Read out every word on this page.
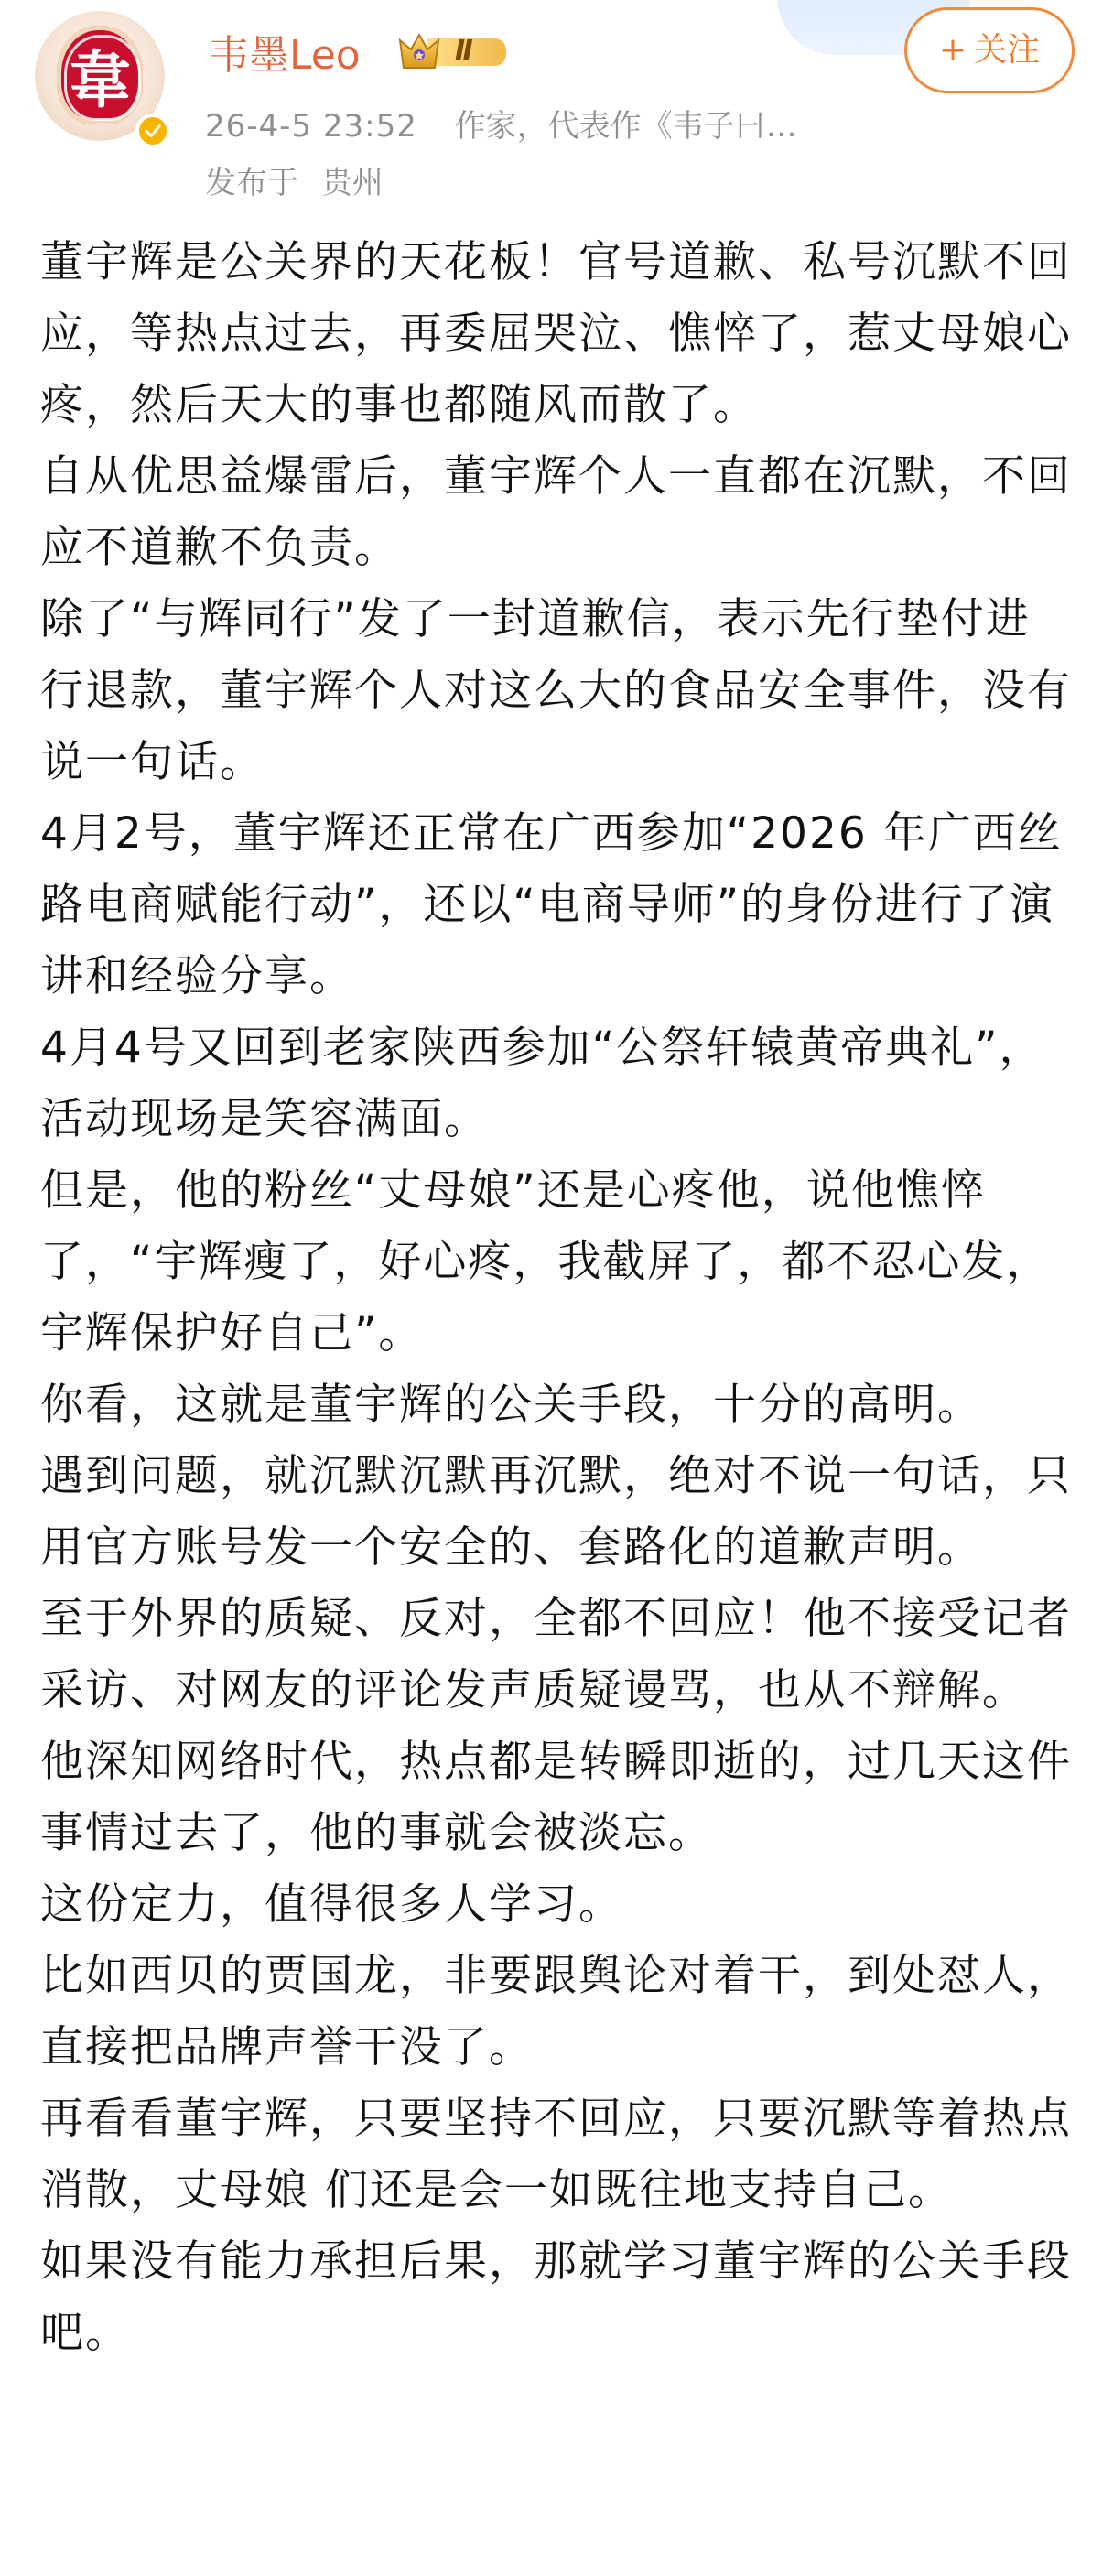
韋 韦墨Leo	Ⅱ	+ 关注
26-4-5 23:52 作家，代表作《韦子曰…
发布于 贵州

董宇辉是公关界的天花板！官号道歉、私号沉默不回应，等热点过去，再委屈哭泣、憔悴了，惹丈母娘心疼，然后天大的事也都随风而散了。

自从优思益爆雷后，董宇辉个人一直都在沉默，不回应不道歉不负责。

除了“与辉同行”发了一封道歉信，表示先行垫付进行退款，董宇辉个人对这么大的食品安全事件，没有说一句话。

4月2号，董宇辉还正常在广西参加“2026 年广西丝路电商赋能行动”，还以“电商导师”的身份进行了演讲和经验分享。

4月4号又回到老家陕西参加“公祭轩辕黄帝典礼”，活动现场是笑容满面。

但是，他的粉丝“丈母娘”还是心疼他，说他憔悴了，“宇辉瘦了，好心疼，我截屏了，都不忍心发，宇辉保护好自己”。

你看，这就是董宇辉的公关手段，十分的高明。

遇到问题，就沉默沉默再沉默，绝对不说一句话，只用官方账号发一个安全的、套路化的道歉声明。

至于外界的质疑、反对，全都不回应！他不接受记者采访、对网友的评论发声质疑谩骂，也从不辩解。

他深知网络时代，热点都是转瞬即逝的，过几天这件事情过去了，他的事就会被淡忘。

这份定力，值得很多人学习。

比如西贝的贾国龙，非要跟舆论对着干，到处怼人，直接把品牌声誉干没了。

再看看董宇辉，只要坚持不回应，只要沉默等着热点消散，丈母娘 们还是会一如既往地支持自己。

如果没有能力承担后果，那就学习董宇辉的公关手段吧。
